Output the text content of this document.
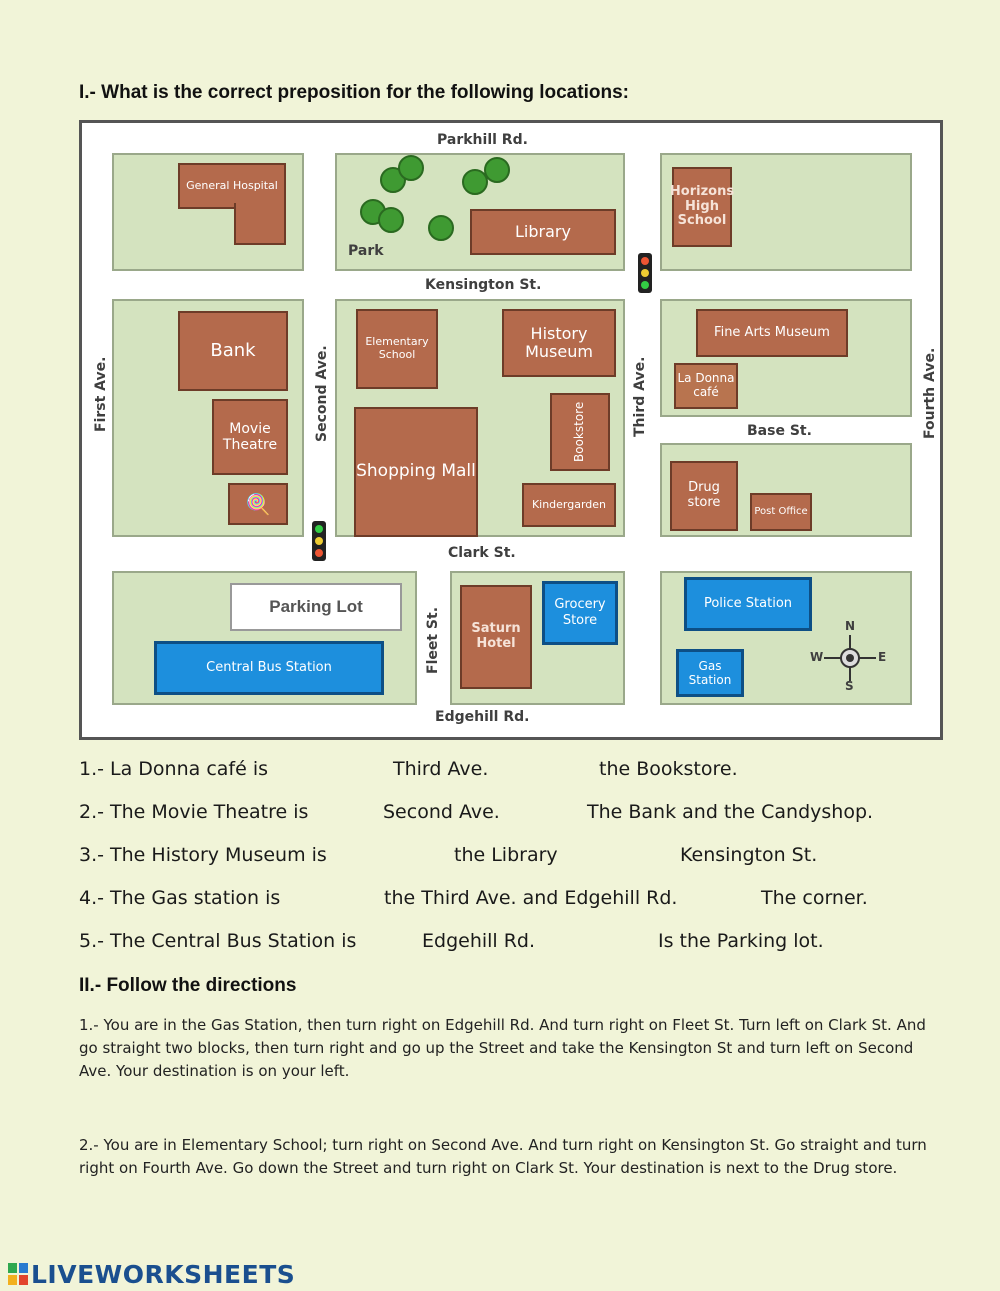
I.- What is the correct preposition for the following locations:
Parkhill Rd.
Kensington St.
Clark St.
Edgehill Rd.
Base St.
First Ave.	Second Ave.	Third Ave.	Fourth Ave.
Fleet St.
General Hospital
Park
Library
Horizons High School
Bank
Movie Theatre
🍭
Elementary School
History Museum
Shopping Mall
Bookstore
Kindergarden
Fine Arts Museum
La Donna café
Drug store
Post Office
Parking Lot
Central Bus Station
Saturn Hotel
Grocery Store
Police Station
Gas Station
N
S
E
W
1.- La Donna café is	Third Ave.	the Bookstore.
2.- The Movie Theatre is	Second Ave.	The Bank and the Candyshop.
3.- The History Museum is	the Library	Kensington St.
4.- The Gas station is	the Third Ave. and Edgehill Rd.	The corner.
5.- The Central Bus Station is	Edgehill Rd.	Is the Parking lot.
II.- Follow the directions
1.- You are in the Gas Station, then turn right on Edgehill Rd. And turn right on Fleet St. Turn left on Clark St. And go straight two blocks, then turn right and go up the Street and take the Kensington St and turn left on Second Ave. Your destination is on your left.
2.- You are in Elementary School; turn right on Second Ave. And turn right on Kensington St. Go straight and turn right on Fourth Ave. Go down the Street and turn right on Clark St. Your destination is next to the Drug store.
LIVEWORKSHEETS
